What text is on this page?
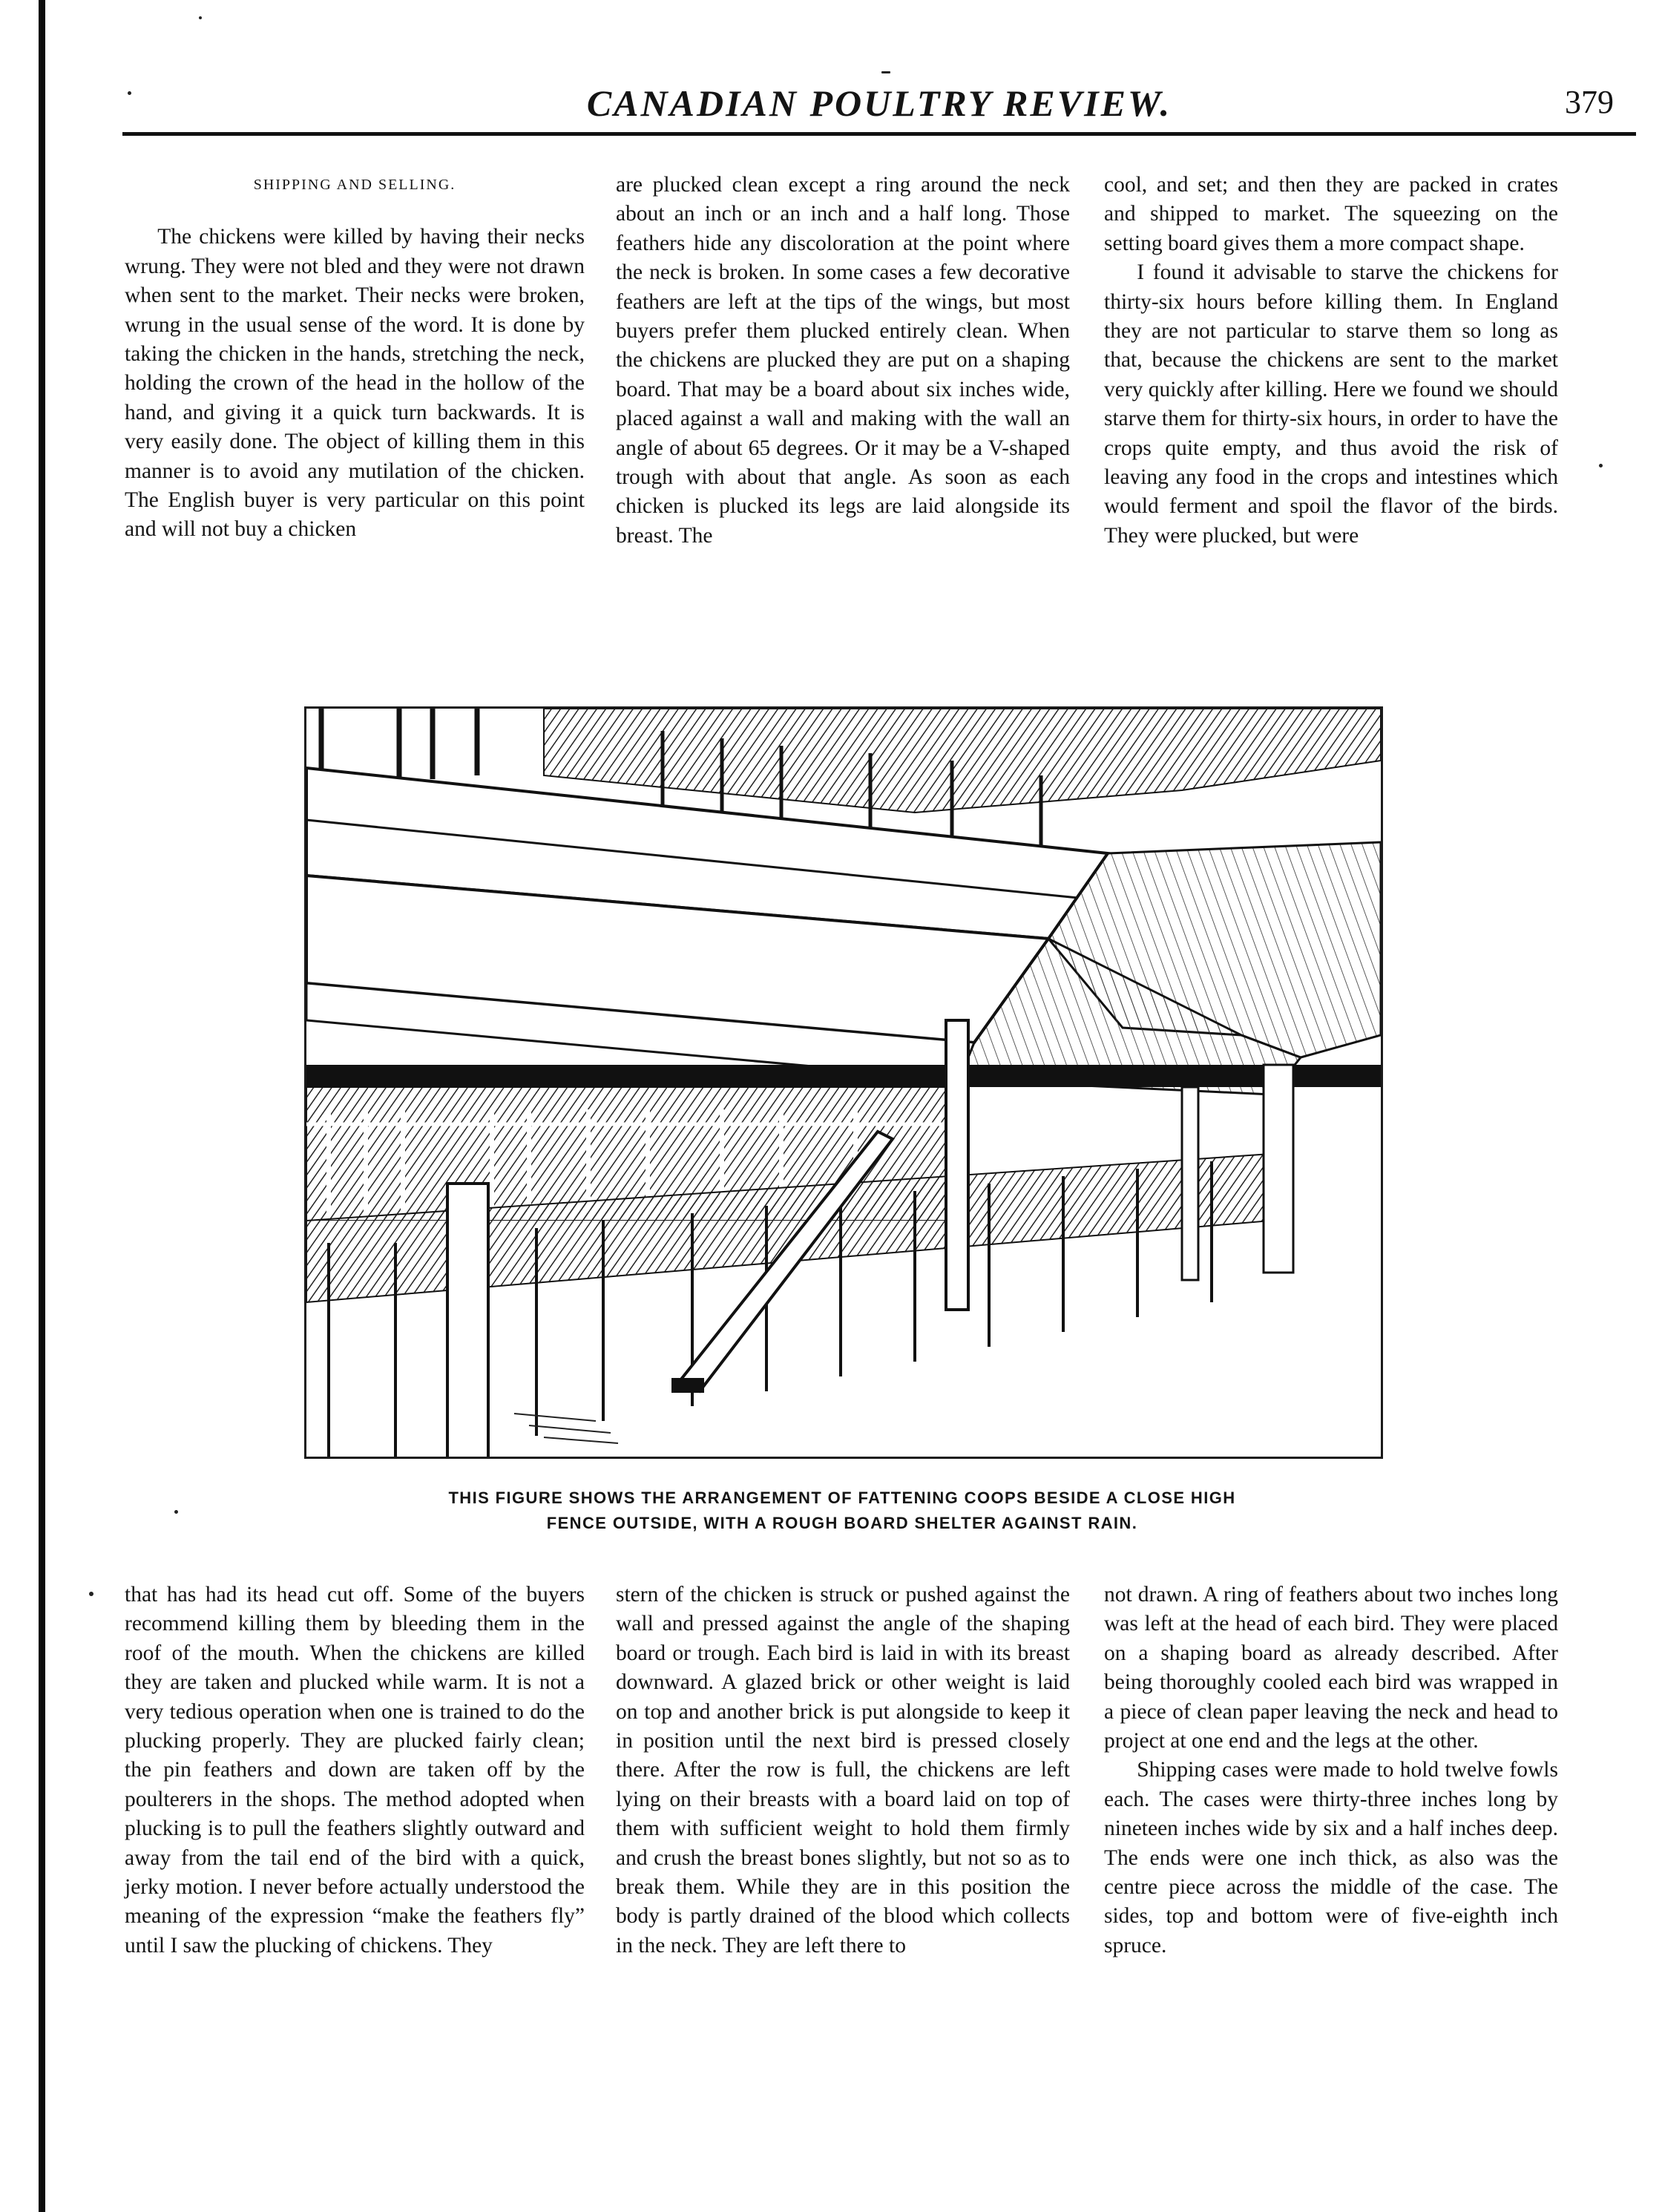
CANADIAN POULTRY REVIEW.	379
SHIPPING AND SELLING.

The chickens were killed by having their necks wrung. They were not bled and they were not drawn when sent to the market. Their necks were broken, wrung in the usual sense of the word. It is done by taking the chicken in the hands, stretching the neck, holding the crown of the head in the hollow of the hand, and giving it a quick turn backwards. It is very easily done. The object of killing them in this manner is to avoid any mutilation of the chicken. The English buyer is very particular on this point and will not buy a chicken

are plucked clean except a ring around the neck about an inch or an inch and a half long. Those feathers hide any discoloration at the point where the neck is broken. In some cases a few decorative feathers are left at the tips of the wings, but most buyers prefer them plucked entirely clean. When the chickens are plucked they are put on a shaping board. That may be a board about six inches wide, placed against a wall and making with the wall an angle of about 65 degrees. Or it may be a V-shaped trough with about that angle. As soon as each chicken is plucked its legs are laid alongside its breast. The

cool, and set; and then they are packed in crates and shipped to market. The squeezing on the setting board gives them a more compact shape.

I found it advisable to starve the chickens for thirty-six hours before killing them. In England they are not particular to starve them so long as that, because the chickens are sent to the market very quickly after killing. Here we found we should starve them for thirty-six hours, in order to have the crops quite empty, and thus avoid the risk of leaving any food in the crops and intestines which would ferment and spoil the flavor of the birds. They were plucked, but were

THIS FIGURE SHOWS THE ARRANGEMENT OF FATTENING COOPS BESIDE A CLOSE HIGH
FENCE OUTSIDE, WITH A ROUGH BOARD SHELTER AGAINST RAIN.

that has had its head cut off. Some of the buyers recommend killing them by bleeding them in the roof of the mouth. When the chickens are killed they are taken and plucked while warm. It is not a very tedious operation when one is trained to do the plucking properly. They are plucked fairly clean; the pin feathers and down are taken off by the poulterers in the shops. The method adopted when plucking is to pull the feathers slightly outward and away from the tail end of the bird with a quick, jerky motion. I never before actually understood the meaning of the expression “make the feathers fly” until I saw the plucking of chickens. They

stern of the chicken is struck or pushed against the wall and pressed against the angle of the shaping board or trough. Each bird is laid in with its breast downward. A glazed brick or other weight is laid on top and another brick is put alongside to keep it in position until the next bird is pressed closely there. After the row is full, the chickens are left lying on their breasts with a board laid on top of them with sufficient weight to hold them firmly and crush the breast bones slightly, but not so as to break them. While they are in this position the body is partly drained of the blood which collects in the neck. They are left there to

not drawn. A ring of feathers about two inches long was left at the head of each bird. They were placed on a shaping board as already described. After being thoroughly cooled each bird was wrapped in a piece of clean paper leaving the neck and head to project at one end and the legs at the other.

Shipping cases were made to hold twelve fowls each. The cases were thirty-three inches long by nineteen inches wide by six and a half inches deep. The ends were one inch thick, as also was the centre piece across the middle of the case. The sides, top and bottom were of five-eighth inch spruce.
